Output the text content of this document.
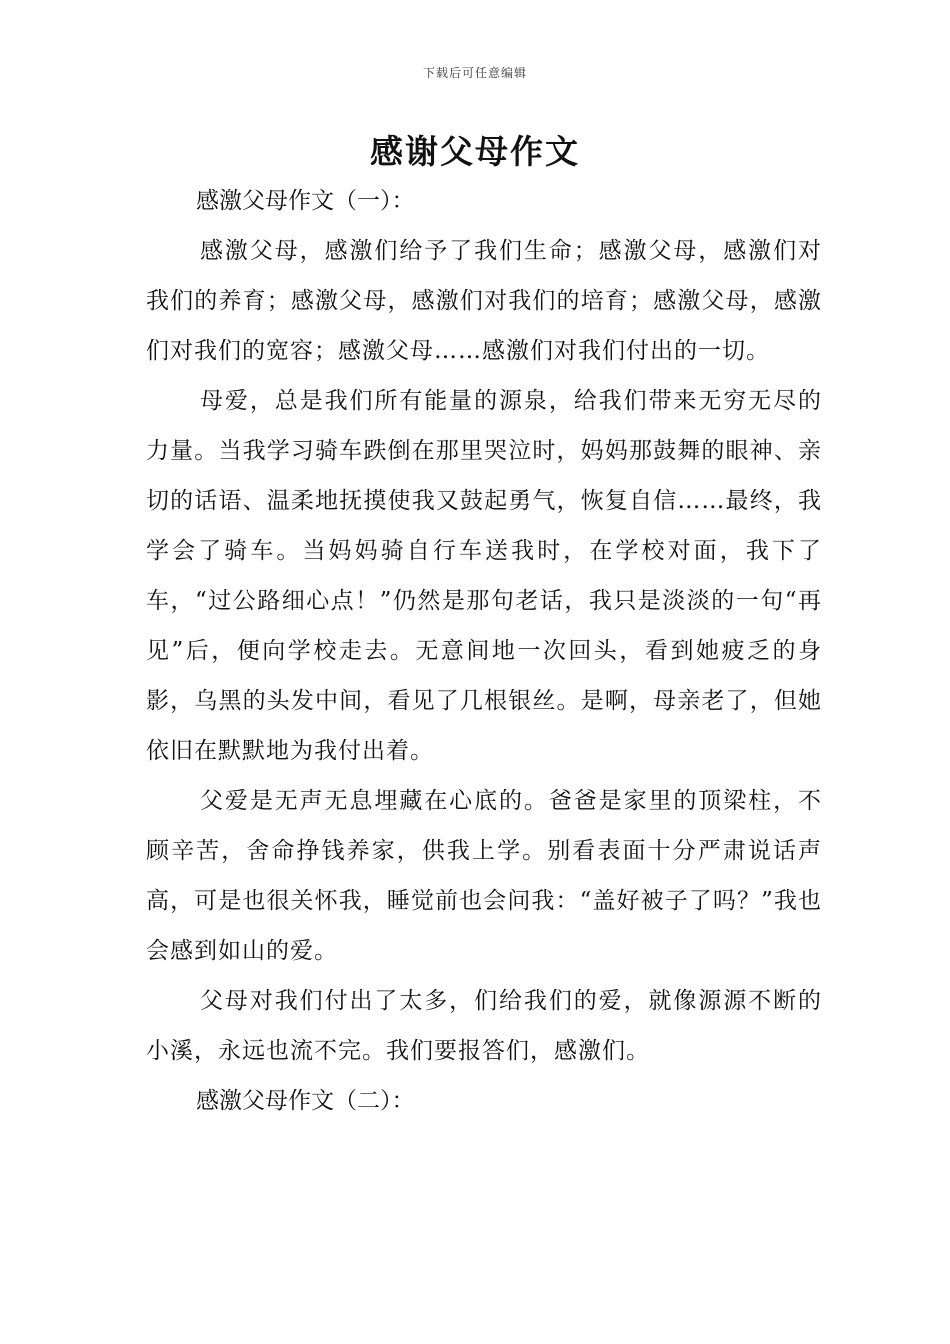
下载后可任意编辑
感谢父母作文

感激父母作文（一）：

感激父母，感激们给予了我们生命；感激父母，感激们对我们的养育；感激父母，感激们对我们的培育；感激父母，感激们对我们的宽容；感激父母……感激们对我们付出的一切。

母爱，总是我们所有能量的源泉，给我们带来无穷无尽的力量。当我学习骑车跌倒在那里哭泣时，妈妈那鼓舞的眼神、亲切的话语、温柔地抚摸使我又鼓起勇气，恢复自信……最终，我学会了骑车。当妈妈骑自行车送我时，在学校对面，我下了车，“过公路细心点！”仍然是那句老话，我只是淡淡的一句“再见”后，便向学校走去。无意间地一次回头，看到她疲乏的身影，乌黑的头发中间，看见了几根银丝。是啊，母亲老了，但她依旧在默默地为我付出着。

父爱是无声无息埋藏在心底的。爸爸是家里的顶梁柱，不顾辛苦，舍命挣钱养家，供我上学。别看表面十分严肃说话声高，可是也很关怀我，睡觉前也会问我：“盖好被子了吗？”我也会感到如山的爱。

父母对我们付出了太多，们给我们的爱，就像源源不断的小溪，永远也流不完。我们要报答们，感激们。

感激父母作文（二）：
